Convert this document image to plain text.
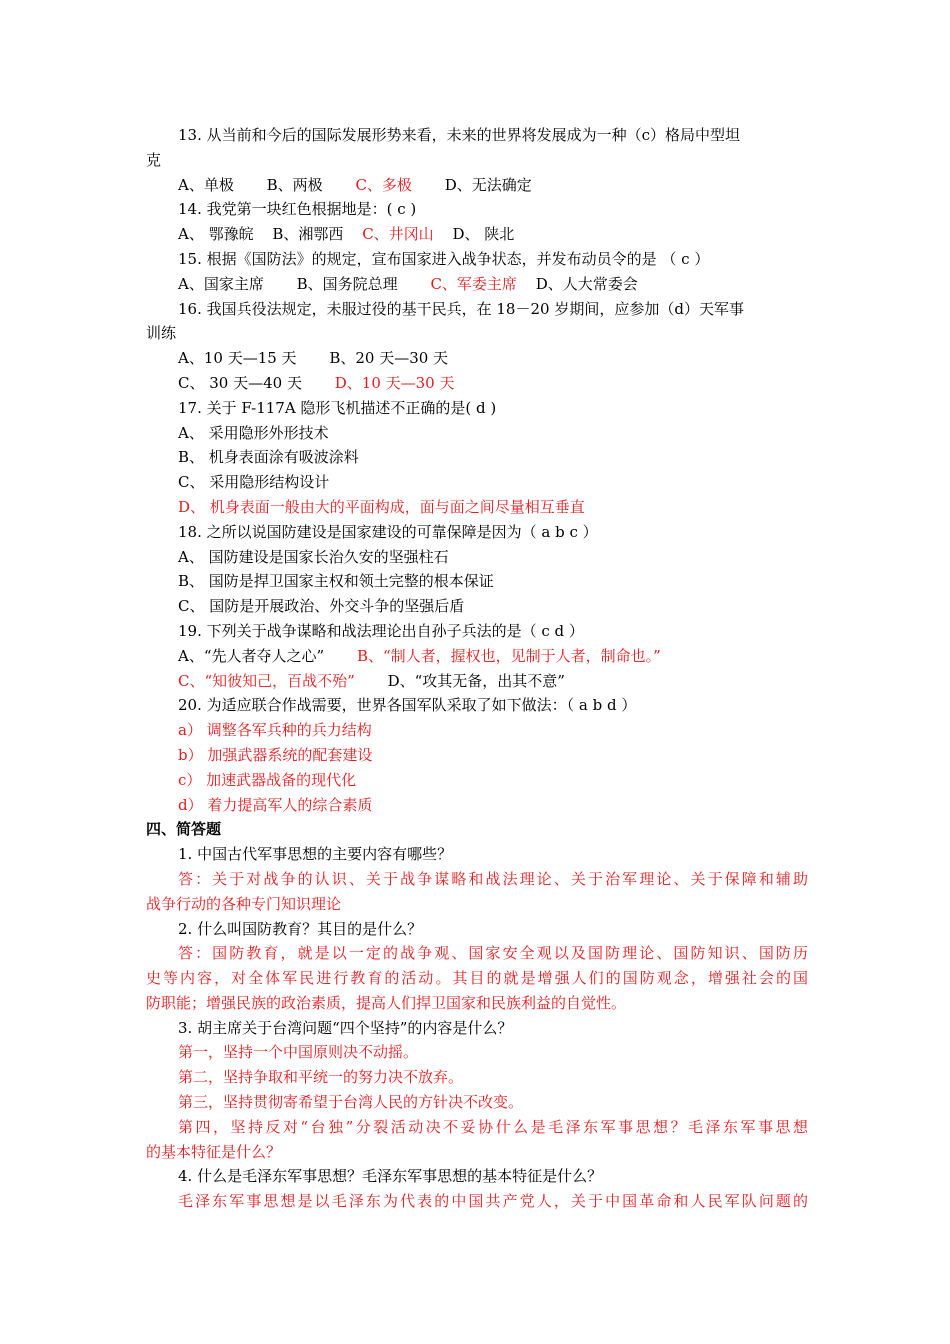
13. 从当前和今后的国际发展形势来看，未来的世界将发展成为一种（c）格局中型坦
克
A、单极 B、两极 C、多极 D、无法确定
14. 我党第一块红色根据地是：( c )
A、 鄂豫皖 B、湘鄂西 C、井冈山 D、 陕北
15. 根据《国防法》的规定，宣布国家进入战争状态，并发布动员令的是 （ c ）
A、国家主席 B、国务院总理 C、军委主席 D、人大常委会
16. 我国兵役法规定，未服过役的基干民兵，在 18－20 岁期间，应参加（d）天军事
训练
A、10 天—15 天 B、20 天—30 天
C、 30 天—40 天 D、10 天—30 天
17. 关于 F-117A 隐形飞机描述不正确的是( d )
A、 采用隐形外形技术
B、 机身表面涂有吸波涂料
C、 采用隐形结构设计
D、 机身表面一般由大的平面构成，面与面之间尽量相互垂直
18. 之所以说国防建设是国家建设的可靠保障是因为（ a b c ）
A、 国防建设是国家长治久安的坚强柱石
B、 国防是捍卫国家主权和领土完整的根本保证
C、 国防是开展政治、外交斗争的坚强后盾
19. 下列关于战争谋略和战法理论出自孙子兵法的是（ c d ）
A、“先人者夺人之心” B、“制人者，握权也，见制于人者，制命也。”
C、“知彼知己，百战不殆” D、“攻其无备，出其不意”
20. 为适应联合作战需要，世界各国军队采取了如下做法：（ a b d ）
a） 调整各军兵种的兵力结构
b） 加强武器系统的配套建设
c） 加速武器战备的现代化
d） 着力提高军人的综合素质
四、简答题
1. 中国古代军事思想的主要内容有哪些？
答：关于对战争的认识、关于战争谋略和战法理论、关于治军理论、关于保障和辅助
战争行动的各种专门知识理论
2. 什么叫国防教育？其目的是什么？
答：国防教育，就是以一定的战争观、国家安全观以及国防理论、国防知识、国防历
史等内容，对全体军民进行教育的活动。其目的就是增强人们的国防观念，增强社会的国
防职能；增强民族的政治素质，提高人们捍卫国家和民族利益的自觉性。
3. 胡主席关于台湾问题“四个坚持”的内容是什么？
第一，坚持一个中国原则决不动摇。
第二，坚持争取和平统一的努力决不放弃。
第三，坚持贯彻寄希望于台湾人民的方针决不改变。
第四，坚持反对“台独”分裂活动决不妥协什么是毛泽东军事思想？毛泽东军事思想
的基本特征是什么？
4. 什么是毛泽东军事思想？毛泽东军事思想的基本特征是什么？
毛泽东军事思想是以毛泽东为代表的中国共产党人，关于中国革命和人民军队问题的
